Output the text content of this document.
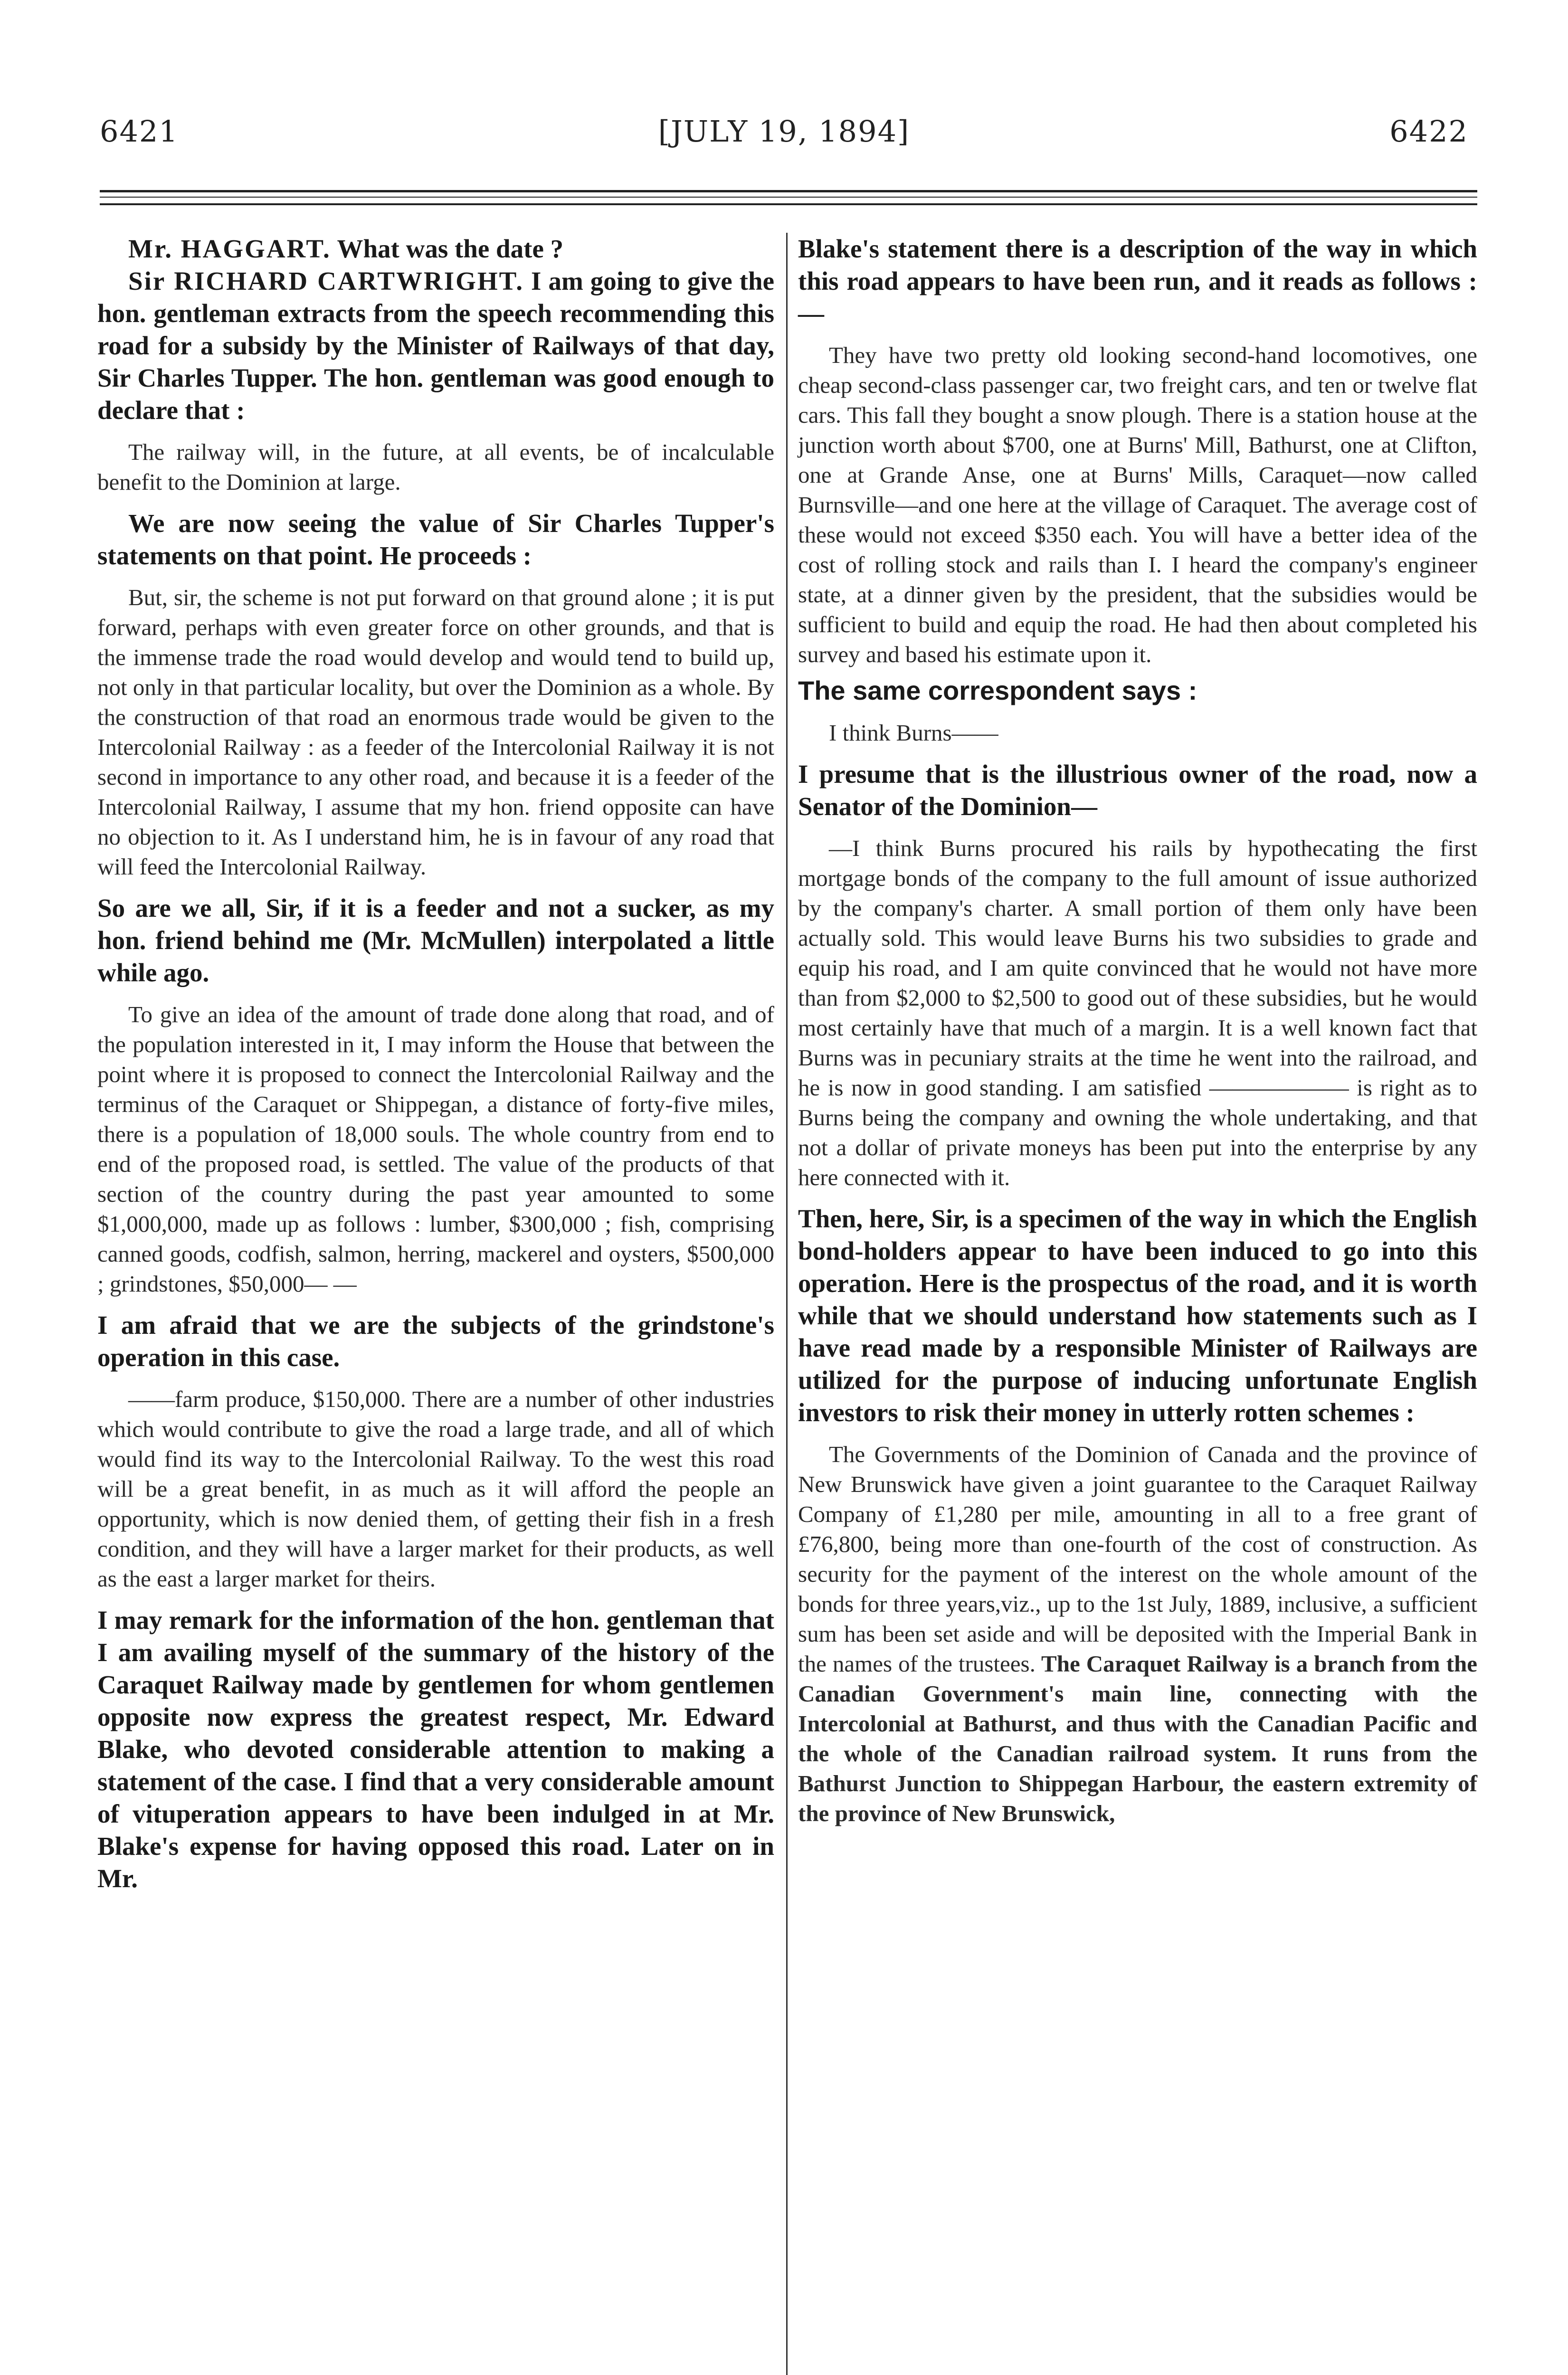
6421	[JULY 19, 1894]	6422

Mr. HAGGART. What was the date ?

Sir RICHARD CARTWRIGHT. I am going to give the hon. gentleman extracts from the speech recommending this road for a subsidy by the Minister of Railways of that day, Sir Charles Tupper. The hon. gentleman was good enough to declare that :

The railway will, in the future, at all events, be of incalculable benefit to the Dominion at large.

We are now seeing the value of Sir Charles Tupper's statements on that point. He proceeds :

But, sir, the scheme is not put forward on that ground alone ; it is put forward, perhaps with even greater force on other grounds, and that is the immense trade the road would develop and would tend to build up, not only in that particular locality, but over the Dominion as a whole. By the construction of that road an enormous trade would be given to the Intercolonial Railway : as a feeder of the Intercolonial Railway it is not second in importance to any other road, and because it is a feeder of the Intercolonial Railway, I assume that my hon. friend opposite can have no objection to it. As I understand him, he is in favour of any road that will feed the Intercolonial Railway.

So are we all, Sir, if it is a feeder and not a sucker, as my hon. friend behind me (Mr. McMullen) interpolated a little while ago.

To give an idea of the amount of trade done along that road, and of the population interested in it, I may inform the House that between the point where it is proposed to connect the Intercolonial Railway and the terminus of the Caraquet or Shippegan, a distance of forty-five miles, there is a population of 18,000 souls. The whole country from end to end of the proposed road, is settled. The value of the products of that section of the country during the past year amounted to some $1,000,000, made up as follows : lumber, $300,000 ; fish, comprising canned goods, codfish, salmon, herring, mackerel and oysters, $500,000 ; grindstones, $50,000— —

I am afraid that we are the subjects of the grindstone's operation in this case.

——farm produce, $150,000. There are a number of other industries which would contribute to give the road a large trade, and all of which would find its way to the Intercolonial Railway. To the west this road will be a great benefit, in as much as it will afford the people an opportunity, which is now denied them, of getting their fish in a fresh condition, and they will have a larger market for their products, as well as the east a larger market for theirs.

I may remark for the information of the hon. gentleman that I am availing myself of the summary of the history of the Caraquet Railway made by gentlemen for whom gentlemen opposite now express the greatest respect, Mr. Edward Blake, who devoted considerable attention to making a statement of the case. I find that a very considerable amount of vituperation appears to have been indulged in at Mr. Blake's expense for having opposed this road. Later on in Mr.

Blake's statement there is a description of the way in which this road appears to have been run, and it reads as follows :—

They have two pretty old looking second-hand locomotives, one cheap second-class passenger car, two freight cars, and ten or twelve flat cars. This fall they bought a snow plough. There is a station house at the junction worth about $700, one at Burns' Mill, Bathurst, one at Clifton, one at Grande Anse, one at Burns' Mills, Caraquet—now called Burnsville—and one here at the village of Caraquet. The average cost of these would not exceed $350 each. You will have a better idea of the cost of rolling stock and rails than I. I heard the company's engineer state, at a dinner given by the president, that the subsidies would be sufficient to build and equip the road. He had then about completed his survey and based his estimate upon it.

The same correspondent says :

I think Burns——

I presume that is the illustrious owner of the road, now a Senator of the Dominion—

—I think Burns procured his rails by hypothecating the first mortgage bonds of the company to the full amount of issue authorized by the company's charter. A small portion of them only have been actually sold. This would leave Burns his two subsidies to grade and equip his road, and I am quite convinced that he would not have more than from $2,000 to $2,500 to good out of these subsidies, but he would most certainly have that much of a margin. It is a well known fact that Burns was in pecuniary straits at the time he went into the railroad, and he is now in good standing. I am satisfied —————— is right as to Burns being the company and owning the whole undertaking, and that not a dollar of private moneys has been put into the enterprise by any here connected with it.

Then, here, Sir, is a specimen of the way in which the English bond-holders appear to have been induced to go into this operation. Here is the prospectus of the road, and it is worth while that we should understand how statements such as I have read made by a responsible Minister of Railways are utilized for the purpose of inducing unfortunate English investors to risk their money in utterly rotten schemes :

The Governments of the Dominion of Canada and the province of New Brunswick have given a joint guarantee to the Caraquet Railway Company of £1,280 per mile, amounting in all to a free grant of £76,800, being more than one-fourth of the cost of construction. As security for the payment of the interest on the whole amount of the bonds for three years,viz., up to the 1st July, 1889, inclusive, a sufficient sum has been set aside and will be deposited with the Imperial Bank in the names of the trustees. The Caraquet Railway is a branch from the Canadian Government's main line, connecting with the Intercolonial at Bathurst, and thus with the Canadian Pacific and the whole of the Canadian railroad system. It runs from the Bathurst Junction to Shippegan Harbour, the eastern extremity of the province of New Brunswick,
